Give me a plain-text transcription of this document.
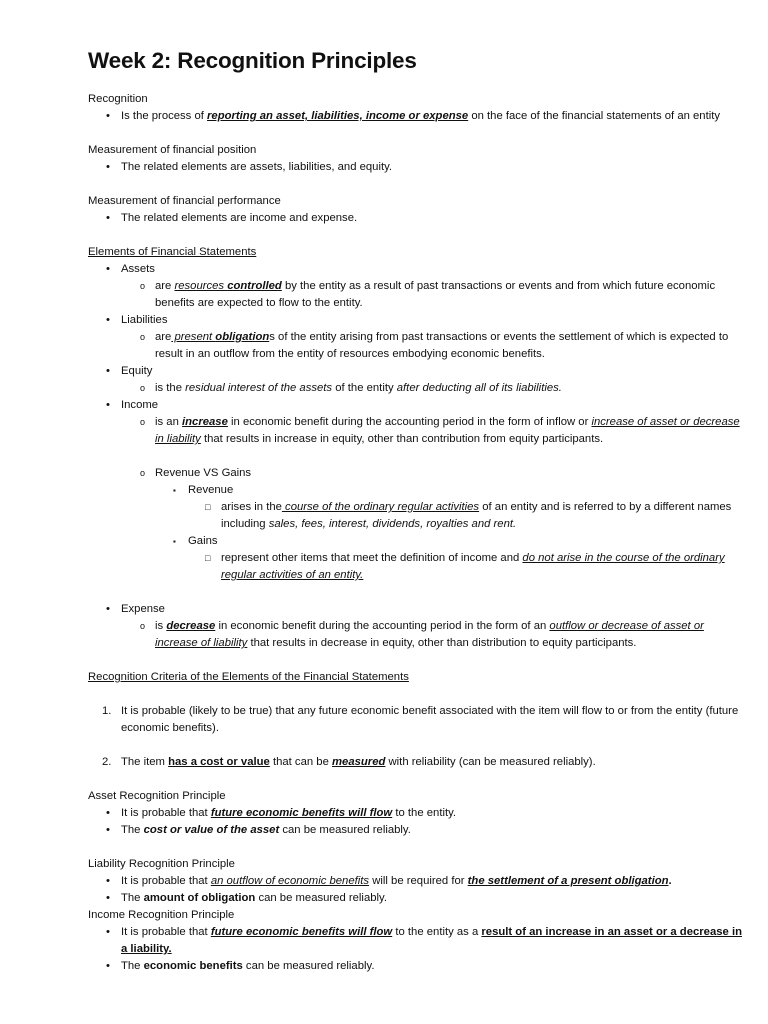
Week 2: Recognition Principles

Recognition

• Is the process of reporting an asset, liabilities, income or expense on the face of the financial statements of an entity

Measurement of financial position

• The related elements are assets, liabilities, and equity.

Measurement of financial performance

• The related elements are income and expense.

Elements of Financial Statements

• Assets
o are resources controlled by the entity as a result of past transactions or events and from which future economic benefits are expected to flow to the entity.
• Liabilities
o are present obligations of the entity arising from past transactions or events the settlement of which is expected to result in an outflow from the entity of resources embodying economic benefits.
• Equity
o is the residual interest of the assets of the entity after deducting all of its liabilities.
• Income
o is an increase in economic benefit during the accounting period in the form of inflow or increase of asset or decrease in liability that results in increase in equity, other than contribution from equity participants.
o Revenue VS Gains
▪ Revenue
□ arises in the course of the ordinary regular activities of an entity and is referred to by a different names including sales, fees, interest, dividends, royalties and rent.
▪ Gains
□ represent other items that meet the definition of income and do not arise in the course of the ordinary regular activities of an entity.
• Expense
o is decrease in economic benefit during the accounting period in the form of an outflow or decrease of asset or increase of liability that results in decrease in equity, other than distribution to equity participants.

Recognition Criteria of the Elements of the Financial Statements

1. It is probable (likely to be true) that any future economic benefit associated with the item will flow to or from the entity (future economic benefits).
2. The item has a cost or value that can be measured with reliability (can be measured reliably).

Asset Recognition Principle

• It is probable that future economic benefits will flow to the entity.
• The cost or value of the asset can be measured reliably.

Liability Recognition Principle

• It is probable that an outflow of economic benefits will be required for the settlement of a present obligation.
• The amount of obligation can be measured reliably.

Income Recognition Principle

• It is probable that future economic benefits will flow to the entity as a result of an increase in an asset or a decrease in a liability.
• The economic benefits can be measured reliably.
